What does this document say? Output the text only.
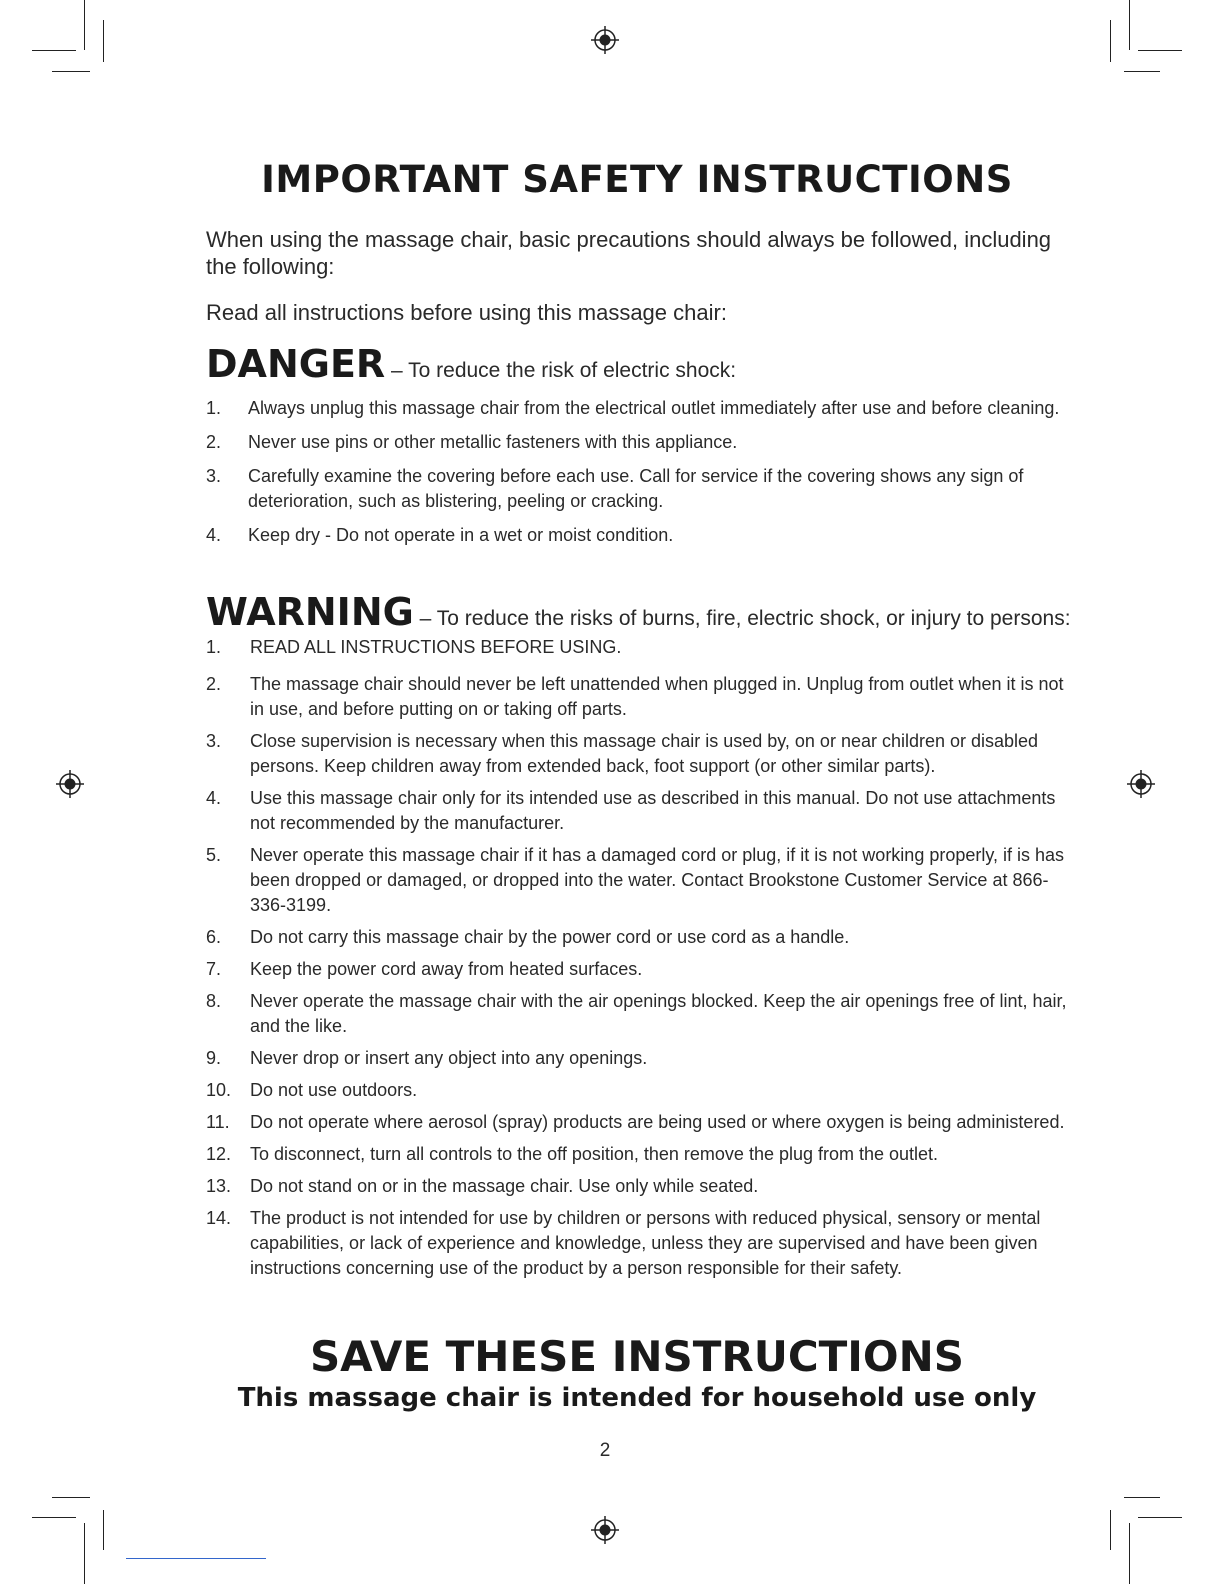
IMPORTANT SAFETY INSTRUCTIONS

When using the massage chair, basic precautions should always be followed, including the following:

Read all instructions before using this massage chair:

DANGER – To reduce the risk of electric shock:
1. Always unplug this massage chair from the electrical outlet immediately after use and before cleaning.
2. Never use pins or other metallic fasteners with this appliance.
3. Carefully examine the covering before each use. Call for service if the covering shows any sign of deterioration, such as blistering, peeling or cracking.
4. Keep dry - Do not operate in a wet or moist condition.
WARNING – To reduce the risks of burns, fire, electric shock, or injury to persons:
1. READ ALL INSTRUCTIONS BEFORE USING.
2. The massage chair should never be left unattended when plugged in. Unplug from outlet when it is not in use, and before putting on or taking off parts.
3. Close supervision is necessary when this massage chair is used by, on or near children or disabled persons. Keep children away from extended back, foot support (or other similar parts).
4. Use this massage chair only for its intended use as described in this manual. Do not use attachments not recommended by the manufacturer.
5. Never operate this massage chair if it has a damaged cord or plug, if it is not working properly, if is has been dropped or damaged, or dropped into the water. Contact Brookstone Customer Service at 866-336-3199.
6. Do not carry this massage chair by the power cord or use cord as a handle.
7. Keep the power cord away from heated surfaces.
8. Never operate the massage chair with the air openings blocked. Keep the air openings free of lint, hair, and the like.
9. Never drop or insert any object into any openings.
10. Do not use outdoors.
11. Do not operate where aerosol (spray) products are being used or where oxygen is being administered.
12. To disconnect, turn all controls to the off position, then remove the plug from the outlet.
13. Do not stand on or in the massage chair. Use only while seated.
14. The product is not intended for use by children or persons with reduced physical, sensory or mental capabilities, or lack of experience and knowledge, unless they are supervised and have been given instructions concerning use of the product by a person responsible for their safety.
SAVE THESE INSTRUCTIONS
This massage chair is intended for household use only
2
